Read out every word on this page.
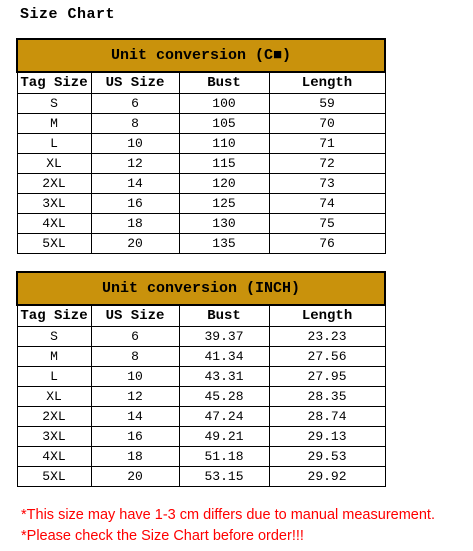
Size Chart
Unit conversion (C■)			
Tag Size	US Size	Bust	Length
S	6	100	59
M	8	105	70
L	10	110	71
XL	12	115	72
2XL	14	120	73
3XL	16	125	74
4XL	18	130	75
5XL	20	135	76
Unit conversion (INCH)			
Tag Size	US Size	Bust	Length
S	6	39.37	23.23
M	8	41.34	27.56
L	10	43.31	27.95
XL	12	45.28	28.35
2XL	14	47.24	28.74
3XL	16	49.21	29.13
4XL	18	51.18	29.53
5XL	20	53.15	29.92
*This size may have 1-3 cm differs due to manual measurement.
*Please check the Size Chart before order!!!
